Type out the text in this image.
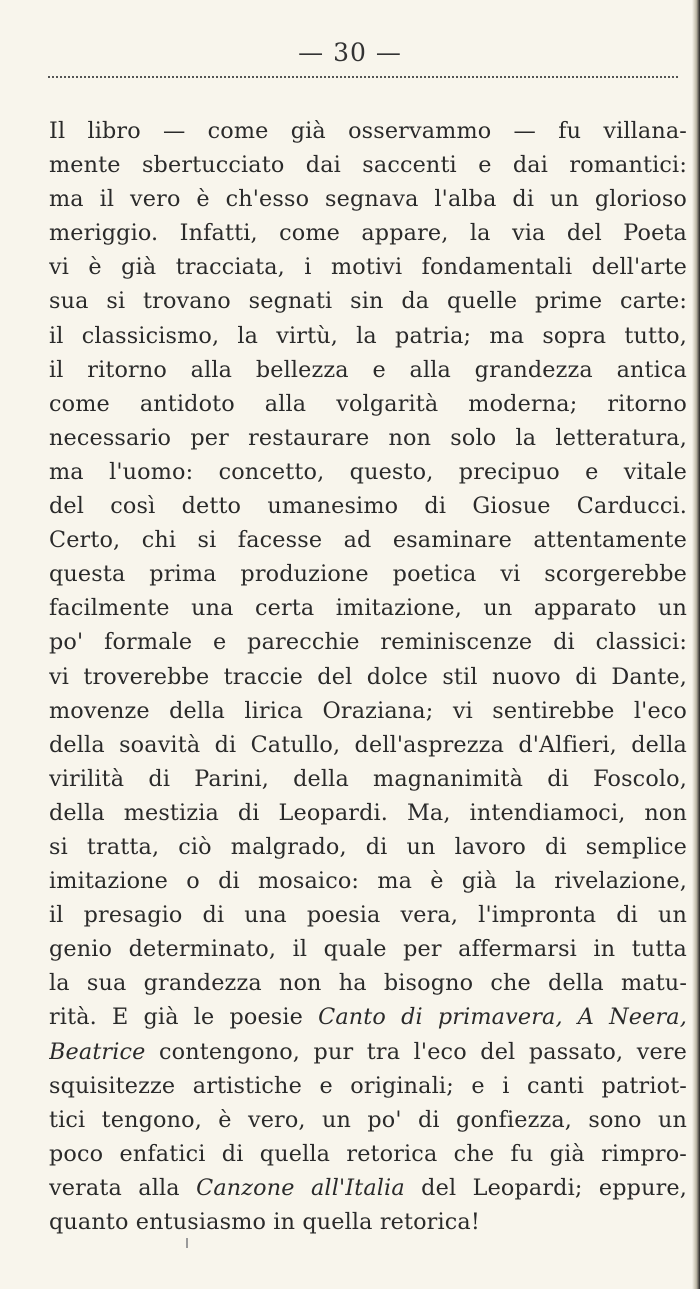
— 30 —
Il libro — come già osservammo — fu villana-
mente sbertucciato dai saccenti e dai romantici:
ma il vero è ch'esso segnava l'alba di un glorioso
meriggio. Infatti, come appare, la via del Poeta
vi è già tracciata, i motivi fondamentali dell'arte
sua si trovano segnati sin da quelle prime carte:
il classicismo, la virtù, la patria; ma sopra tutto,
il ritorno alla bellezza e alla grandezza antica
come antidoto alla volgarità moderna; ritorno
necessario per restaurare non solo la letteratura,
ma l'uomo: concetto, questo, precipuo e vitale
del così detto umanesimo di Giosue Carducci.
Certo, chi si facesse ad esaminare attentamente
questa prima produzione poetica vi scorgerebbe
facilmente una certa imitazione, un apparato un
po' formale e parecchie reminiscenze di classici:
vi troverebbe traccie del dolce stil nuovo di Dante,
movenze della lirica Oraziana; vi sentirebbe l'eco
della soavità di Catullo, dell'asprezza d'Alfieri, della
virilità di Parini, della magnanimità di Foscolo,
della mestizia di Leopardi. Ma, intendiamoci, non
si tratta, ciò malgrado, di un lavoro di semplice
imitazione o di mosaico: ma è già la rivelazione,
il presagio di una poesia vera, l'impronta di un
genio determinato, il quale per affermarsi in tutta
la sua grandezza non ha bisogno che della matu-
rità. E già le poesie Canto di primavera, A Neera,
Beatrice contengono, pur tra l'eco del passato, vere
squisitezze artistiche e originali; e i canti patriot-
tici tengono, è vero, un po' di gonfiezza, sono un
poco enfatici di quella retorica che fu già rimpro-
verata alla Canzone all'Italia del Leopardi; eppure,
quanto entusiasmo in quella retorica!
